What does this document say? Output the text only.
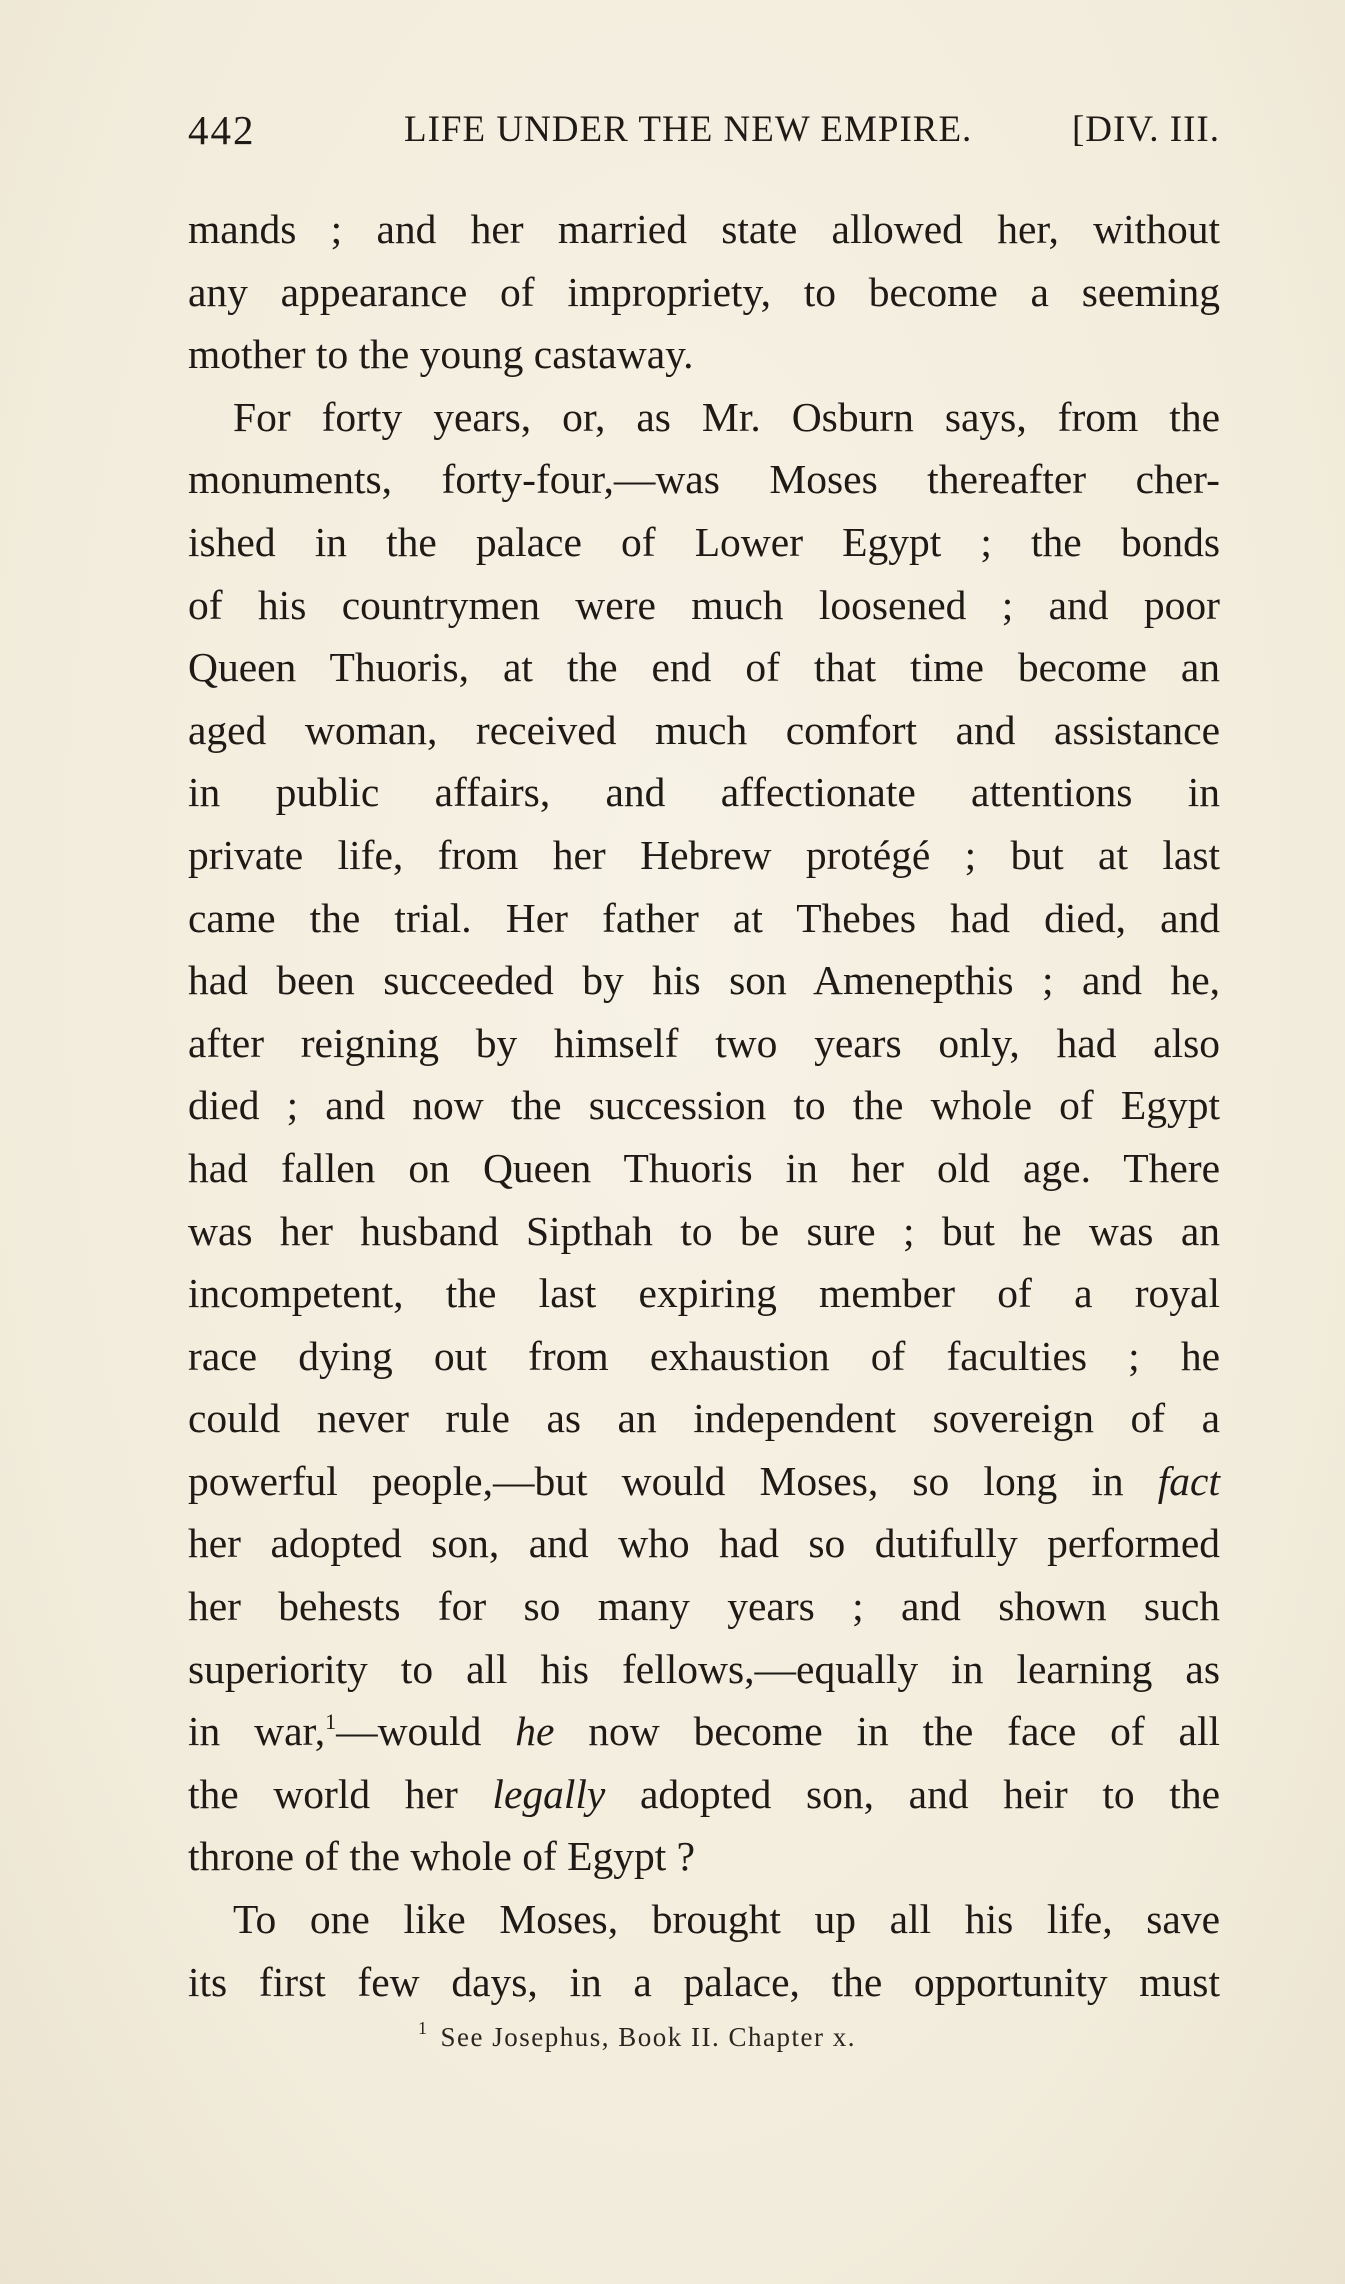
442	LIFE UNDER THE NEW EMPIRE.	[DIV. III.
mands ; and her married state allowed her, without
any appearance of impropriety, to become a seeming
mother to the young castaway.
For forty years, or, as Mr. Osburn says, from the
monuments, forty-four,—was Moses thereafter cher-
ished in the palace of Lower Egypt ; the bonds
of his countrymen were much loosened ; and poor
Queen Thuoris, at the end of that time become an
aged woman, received much comfort and assistance
in public affairs, and affectionate attentions in
private life, from her Hebrew protégé ; but at last
came the trial. Her father at Thebes had died, and
had been succeeded by his son Amenepthis ; and he,
after reigning by himself two years only, had also
died ; and now the succession to the whole of Egypt
had fallen on Queen Thuoris in her old age. There
was her husband Sipthah to be sure ; but he was an
incompetent, the last expiring member of a royal
race dying out from exhaustion of faculties ; he
could never rule as an independent sovereign of a
powerful people,—but would Moses, so long in fact
her adopted son, and who had so dutifully performed
her behests for so many years ; and shown such
superiority to all his fellows,—equally in learning as
in war,$^1$—would he now become in the face of all
the world her legally adopted son, and heir to the
throne of the whole of Egypt ?
To one like Moses, brought up all his life, save
its first few days, in a palace, the opportunity must
$^1$ See Josephus, Book II. Chapter x.
